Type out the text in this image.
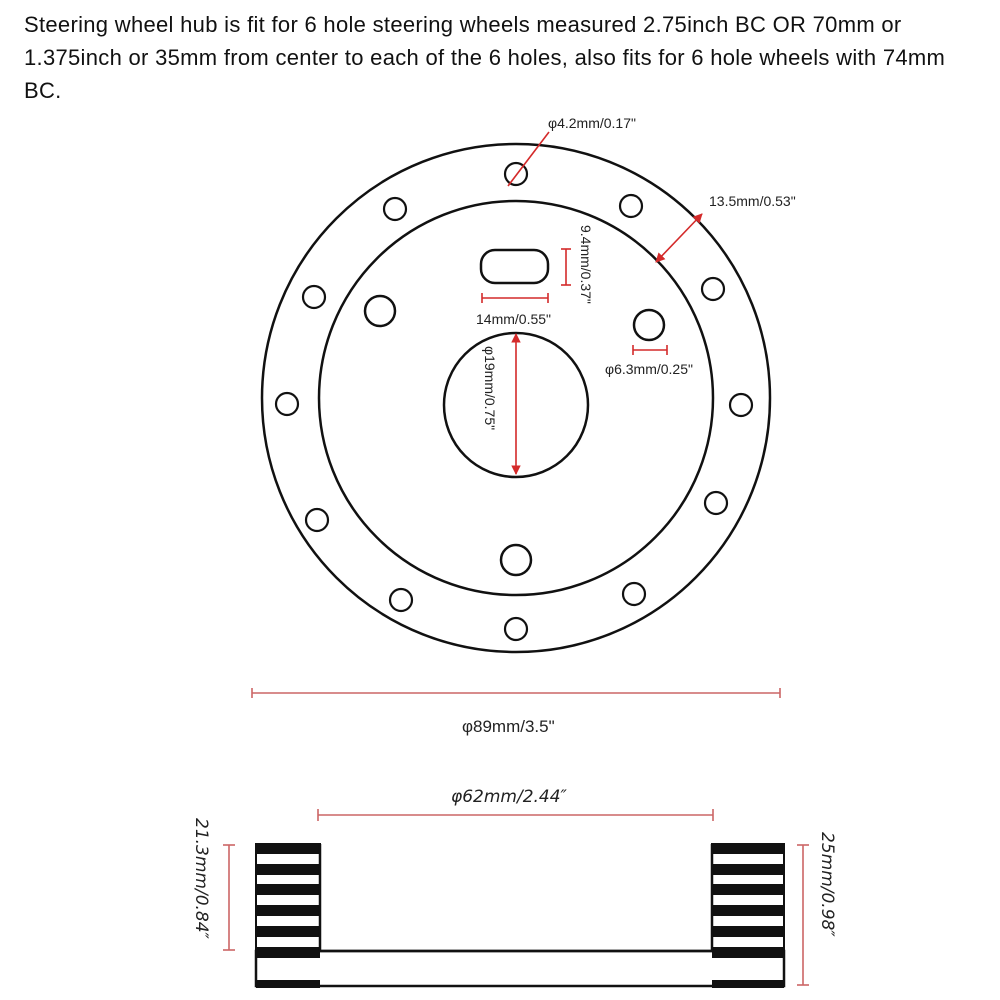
Steering wheel hub is fit for 6 hole steering wheels measured 2.75inch BC OR 70mm or 1.375inch or 35mm from center to each of the 6 holes, also fits for 6 hole wheels with 74mm BC.

φ4.2mm/0.17"
13.5mm/0.53"
9.4mm/0.37"
14mm/0.55"
φ6.3mm/0.25"
φ19mm/0.75"
φ89mm/3.5"
φ62mm/2.44″
21.3mm/0.84″	25mm/0.98″
